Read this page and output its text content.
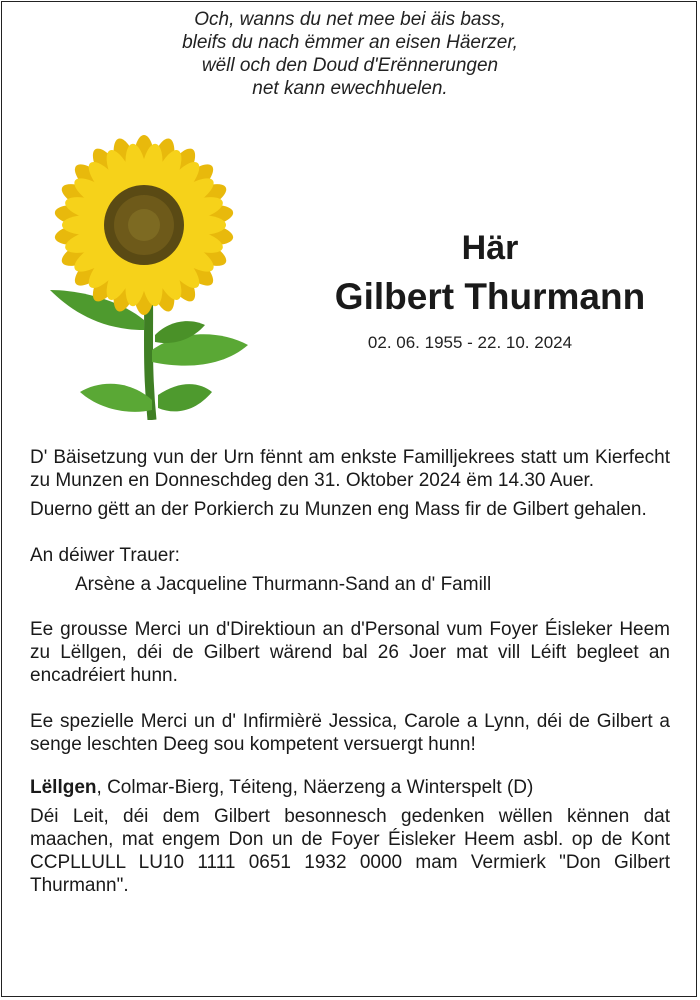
Och, wanns du net mee bei äis bass,
bleifs du nach ëmmer an eisen Häerzer,
wëll och den Doud d'Erënnerungen
net kann ewechhuelen.
Här
Gilbert Thurmann
02. 06. 1955 - 22. 10. 2024

D' Bäisetzung vun der Urn fënnt am enkste Familljekrees statt um Kierfecht zu Munzen en Donneschdeg den 31. Oktober 2024 ëm 14.30 Auer.

Duerno gëtt an der Porkierch zu Munzen eng Mass fir de Gilbert gehalen.

An déiwer Trauer:

Arsène a Jacqueline Thurmann-Sand an d' Famill

Ee grousse Merci un d'Direktioun an d'Personal vum Foyer Éisleker Heem zu Lëllgen, déi de Gilbert wärend bal 26 Joer mat vill Léift begleet an encadréiert hunn.

Ee spezielle Merci un d' Infirmièrë Jessica, Carole a Lynn, déi de Gilbert a senge leschten Deeg sou kompetent versuergt hunn!

Lëllgen, Colmar-Bierg, Téiteng, Näerzeng a Winterspelt (D)

Déi Leit, déi dem Gilbert besonnesch gedenken wëllen kënnen dat maachen, mat engem Don un de Foyer Éisleker Heem asbl. op de Kont CCPLLULL LU10 1111 0651 1932 0000 mam Vermierk "Don Gilbert Thurmann".
